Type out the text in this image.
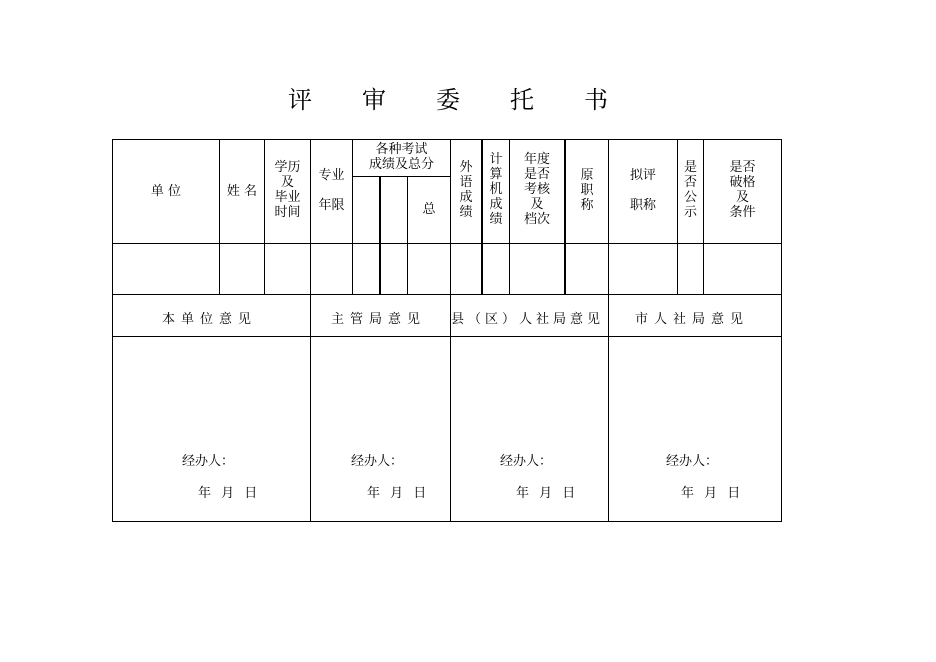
评 审 委 托 书
单 位	姓 名
学历
及
毕业
时间
专业

年限
各种考试
成绩及总分
总
外
语
成
绩
计
算
机
成
绩
年度
是否
考核
及
档次
原
职
称
拟评

职称
是
否
公
示
是否
破格
及
条件
本单位意见	主管局意见 县（区）人社局意见 市人社局意见
经办人：
年 月 日
经办人：
年 月 日
经办人：
年 月 日
经办人：
年 月 日
